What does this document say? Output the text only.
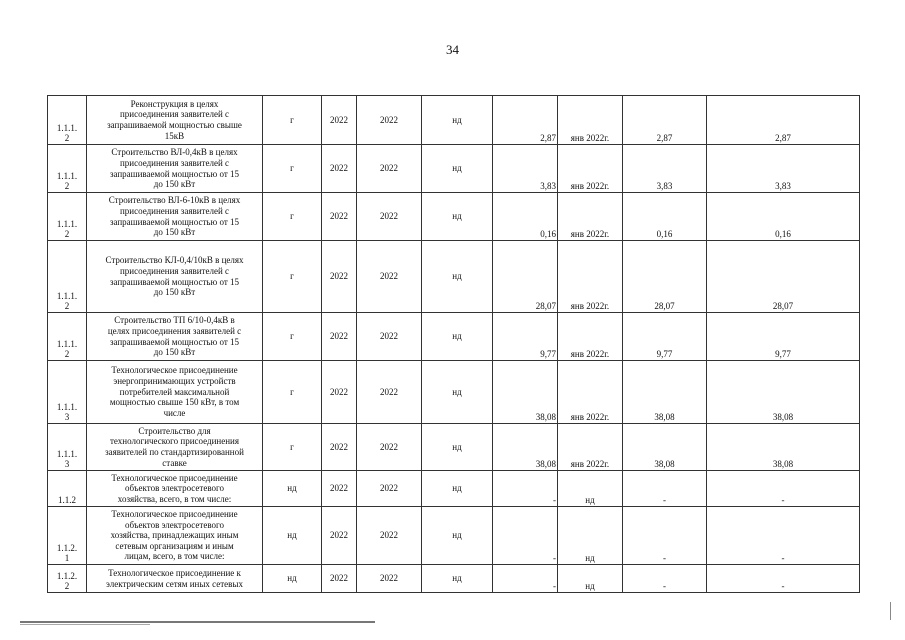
34
1.1.1.
2	Реконструкция в целях
присоединения заявителей с
запрашиваемой мощностью свыше
15кВ	г	2022	2022	нд	2,87	янв 2022г.	2,87	2,87
1.1.1.
2	Строительство ВЛ-0,4кВ в целях
присоединения заявителей с
запрашиваемой мощностью от 15
до 150 кВт	г	2022	2022	нд	3,83	янв 2022г.	3,83	3,83
1.1.1.
2	Строительство ВЛ-6-10кВ в целях
присоединения заявителей с
запрашиваемой мощностью от 15
до 150 кВт	г	2022	2022	нд	0,16	янв 2022г.	0,16	0,16
1.1.1.
2	Строительство КЛ-0,4/10кВ в целях
присоединения заявителей с
запрашиваемой мощностью от 15
до 150 кВт	г	2022	2022	нд	28,07	янв 2022г.	28,07	28,07
1.1.1.
2	Строительство ТП 6/10-0,4кВ в
целях присоединения заявителей с
запрашиваемой мощностью от 15
до 150 кВт	г	2022	2022	нд	9,77	янв 2022г.	9,77	9,77
1.1.1.
3	Технологическое присоединение
энергопринимающих устройств
потребителей максимальной
мощностью свыше 150 кВт, в том
числе	г	2022	2022	нд	38,08	янв 2022г.	38,08	38,08
1.1.1.
3	Строительство для
технологического присоединения
заявителей по стандартизированной
ставке	г	2022	2022	нд	38,08	янв 2022г.	38,08	38,08
1.1.2	Технологическое присоединение
объектов электросетевого
хозяйства, всего, в том числе:	нд	2022	2022	нд	-	нд	-	-
1.1.2.
1	Технологическое присоединение
объектов электросетевого
хозяйства, принадлежащих иным
сетевым организациям и иным
лицам, всего, в том числе:	нд	2022	2022	нд	-	нд	-	-
1.1.2.
2	Технологическое присоединение к
электрическим сетям иных сетевых	нд	2022	2022	нд	-	нд	-	-
